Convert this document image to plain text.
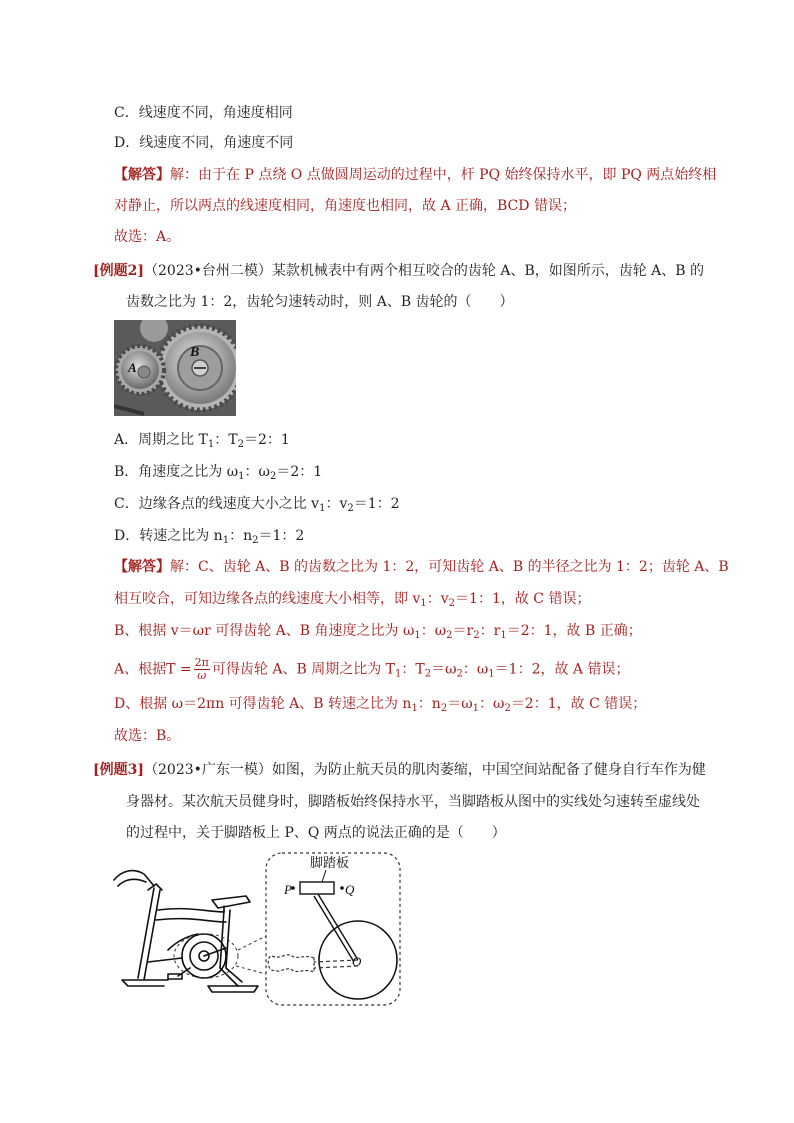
C．线速度不同，角速度相同
D．线速度不同，角速度不同
【解答】解：由于在 P 点绕 O 点做圆周运动的过程中，杆 PQ 始终保持水平，即 PQ 两点始终相
对静止，所以两点的线速度相同，角速度也相同，故 A 正确，BCD 错误；
故选：A。
[例题2]（2023•台州二模）某款机械表中有两个相互咬合的齿轮 A、B，如图所示，齿轮 A、B 的
齿数之比为 1：2，齿轮匀速转动时，则 A、B 齿轮的（　　）
B
A
A．周期之比 $T_1$：$T_2=2$：1
B．角速度之比为 $\omega_1$：$\omega_2=2$：1
C．边缘各点的线速度大小之比 $v_1$：$v_2=1$：2
D．转速之比为 $n_1$：$n_2=1$：2
【解答】解：C、齿轮 A、B 的齿数之比为 1：2，可知齿轮 A、B 的半径之比为 1：2；齿轮 A、B
相互咬合，可知边缘各点的线速度大小相等，即 $v_1$：$v_2=1$：1，故 C 错误；
B、根据 v＝ωr 可得齿轮 A、B 角速度之比为 $\omega_1$：$\omega_2=r_2$：$r_1=2$：1，故 B 正确；
A、根据$T = \frac{2\pi}{\omega}$ 可得齿轮 A、B 周期之比为 $T_1$：$T_2=\omega_2$：$\omega_1=1$：2，故 A 错误；
D、根据 ω＝2πn 可得齿轮 A、B 转速之比为 $n_1$：$n_2=\omega_1$：$\omega_2=2$：1，故 C 错误；
故选：B。
[例题3]（2023•广东一模）如图，为防止航天员的肌肉萎缩，中国空间站配备了健身自行车作为健
身器材。某次航天员健身时，脚踏板始终保持水平，当脚踏板从图中的实线处匀速转至虚线处
的过程中，关于脚踏板上 P、Q 两点的说法正确的是（　　）
O
P	Q
脚踏板
